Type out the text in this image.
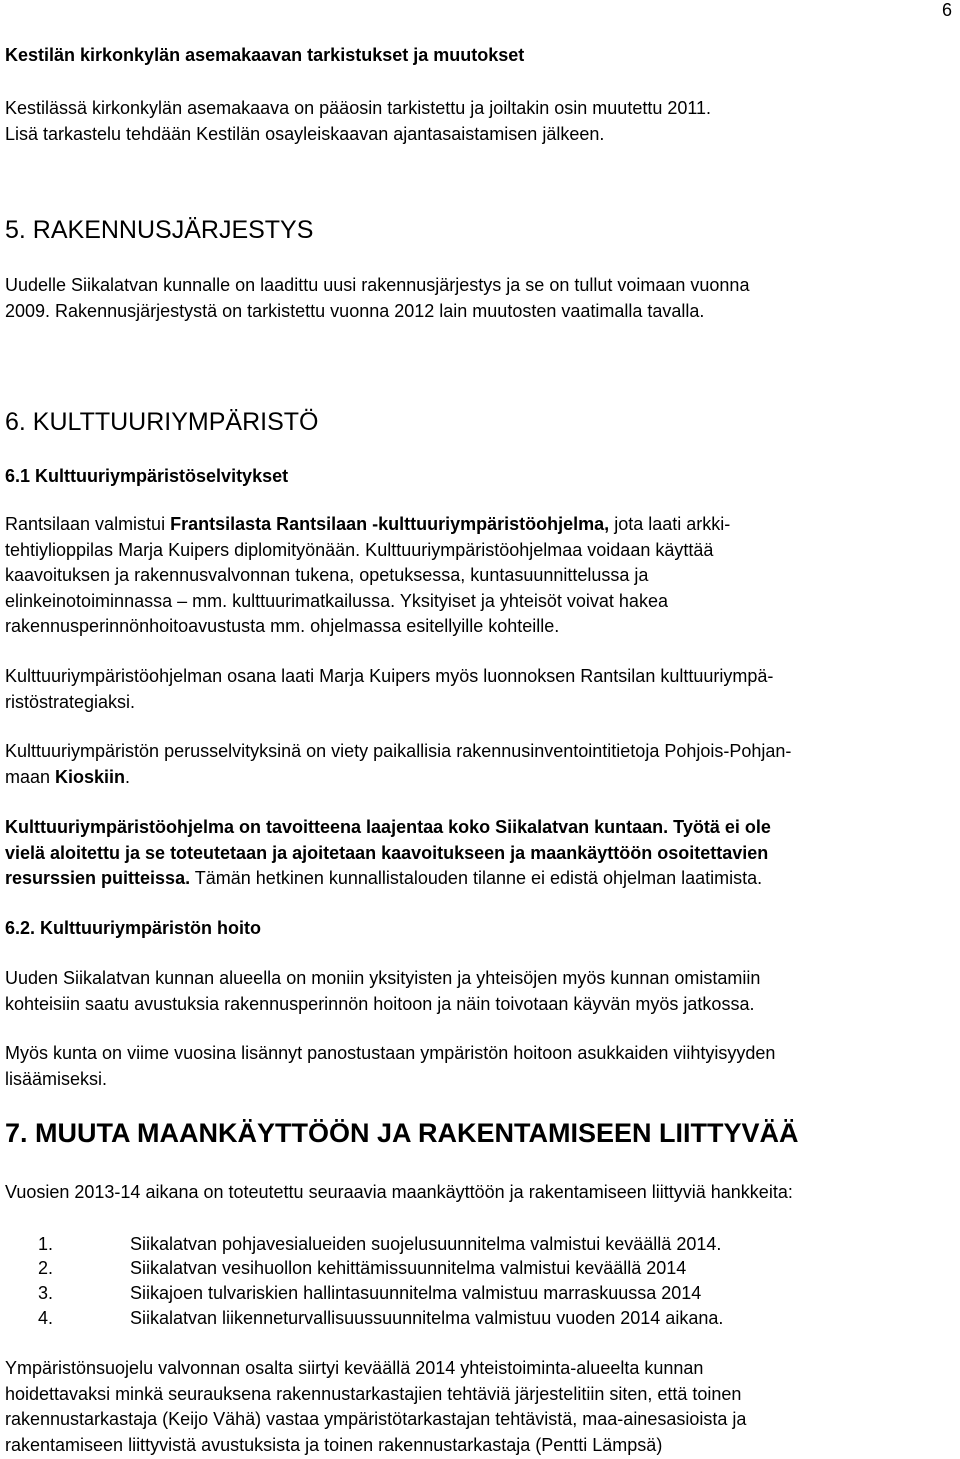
6
Kestilän kirkonkylän asemakaavan tarkistukset ja muutokset
Kestilässä kirkonkylän asemakaava on pääosin tarkistettu ja joiltakin osin muutettu 2011.
Lisä tarkastelu tehdään Kestilän osayleiskaavan ajantasaistamisen jälkeen.
5. RAKENNUSJÄRJESTYS
Uudelle Siikalatvan kunnalle on laadittu uusi rakennusjärjestys ja se on tullut voimaan vuonna
2009. Rakennusjärjestystä on tarkistettu vuonna 2012 lain muutosten vaatimalla tavalla.
6. KULTTUURIYMPÄRISTÖ
6.1 Kulttuuriympäristöselvitykset
Rantsilaan valmistui Frantsilasta Rantsilaan -kulttuuriympäristöohjelma, jota laati arkki-
tehtiylioppilas Marja Kuipers diplomityönään. Kulttuuriympäristöohjelmaa voidaan käyttää
kaavoituksen ja rakennusvalvonnan tukena, opetuksessa, kuntasuunnittelussa ja
elinkeinotoiminnassa – mm. kulttuurimatkailussa. Yksityiset ja yhteisöt voivat hakea
rakennusperinnönhoitoavustusta mm. ohjelmassa esitellyille kohteille.
Kulttuuriympäristöohjelman osana laati Marja Kuipers myös luonnoksen Rantsilan kulttuuriympä-
ristöstrategiaksi.
Kulttuuriympäristön perusselvityksinä on viety paikallisia rakennusinventointitietoja Pohjois-Pohjan-
maan Kioskiin.
Kulttuuriympäristöohjelma on tavoitteena laajentaa koko Siikalatvan kuntaan. Työtä ei ole
vielä aloitettu ja se toteutetaan ja ajoitetaan kaavoitukseen ja maankäyttöön osoitettavien
resurssien puitteissa. Tämän hetkinen kunnallistalouden tilanne ei edistä ohjelman laatimista.
6.2. Kulttuuriympäristön hoito
Uuden Siikalatvan kunnan alueella on moniin yksityisten ja yhteisöjen myös kunnan omistamiin
kohteisiin saatu avustuksia rakennusperinnön hoitoon ja näin toivotaan käyvän myös jatkossa.
Myös kunta on viime vuosina lisännyt panostustaan ympäristön hoitoon asukkaiden viihtyisyyden
lisäämiseksi.
7. MUUTA MAANKÄYTTÖÖN JA RAKENTAMISEEN LIITTYVÄÄ
Vuosien 2013-14 aikana on toteutettu seuraavia maankäyttöön ja rakentamiseen liittyviä hankkeita:
1.	Siikalatvan pohjavesialueiden suojelusuunnitelma valmistui keväällä 2014.
2.	Siikalatvan vesihuollon kehittämissuunnitelma valmistui keväällä 2014
3.	Siikajoen tulvariskien hallintasuunnitelma valmistuu marraskuussa 2014
4.	Siikalatvan liikenneturvallisuussuunnitelma valmistuu vuoden 2014 aikana.
Ympäristönsuojelu valvonnan osalta siirtyi keväällä 2014 yhteistoiminta-alueelta kunnan
hoidettavaksi minkä seurauksena rakennustarkastajien tehtäviä järjestelitiin siten, että toinen
rakennustarkastaja (Keijo Vähä) vastaa ympäristötarkastajan tehtävistä, maa-ainesasioista ja
rakentamiseen liittyvistä avustuksista ja toinen rakennustarkastaja (Pentti Lämpsä)
